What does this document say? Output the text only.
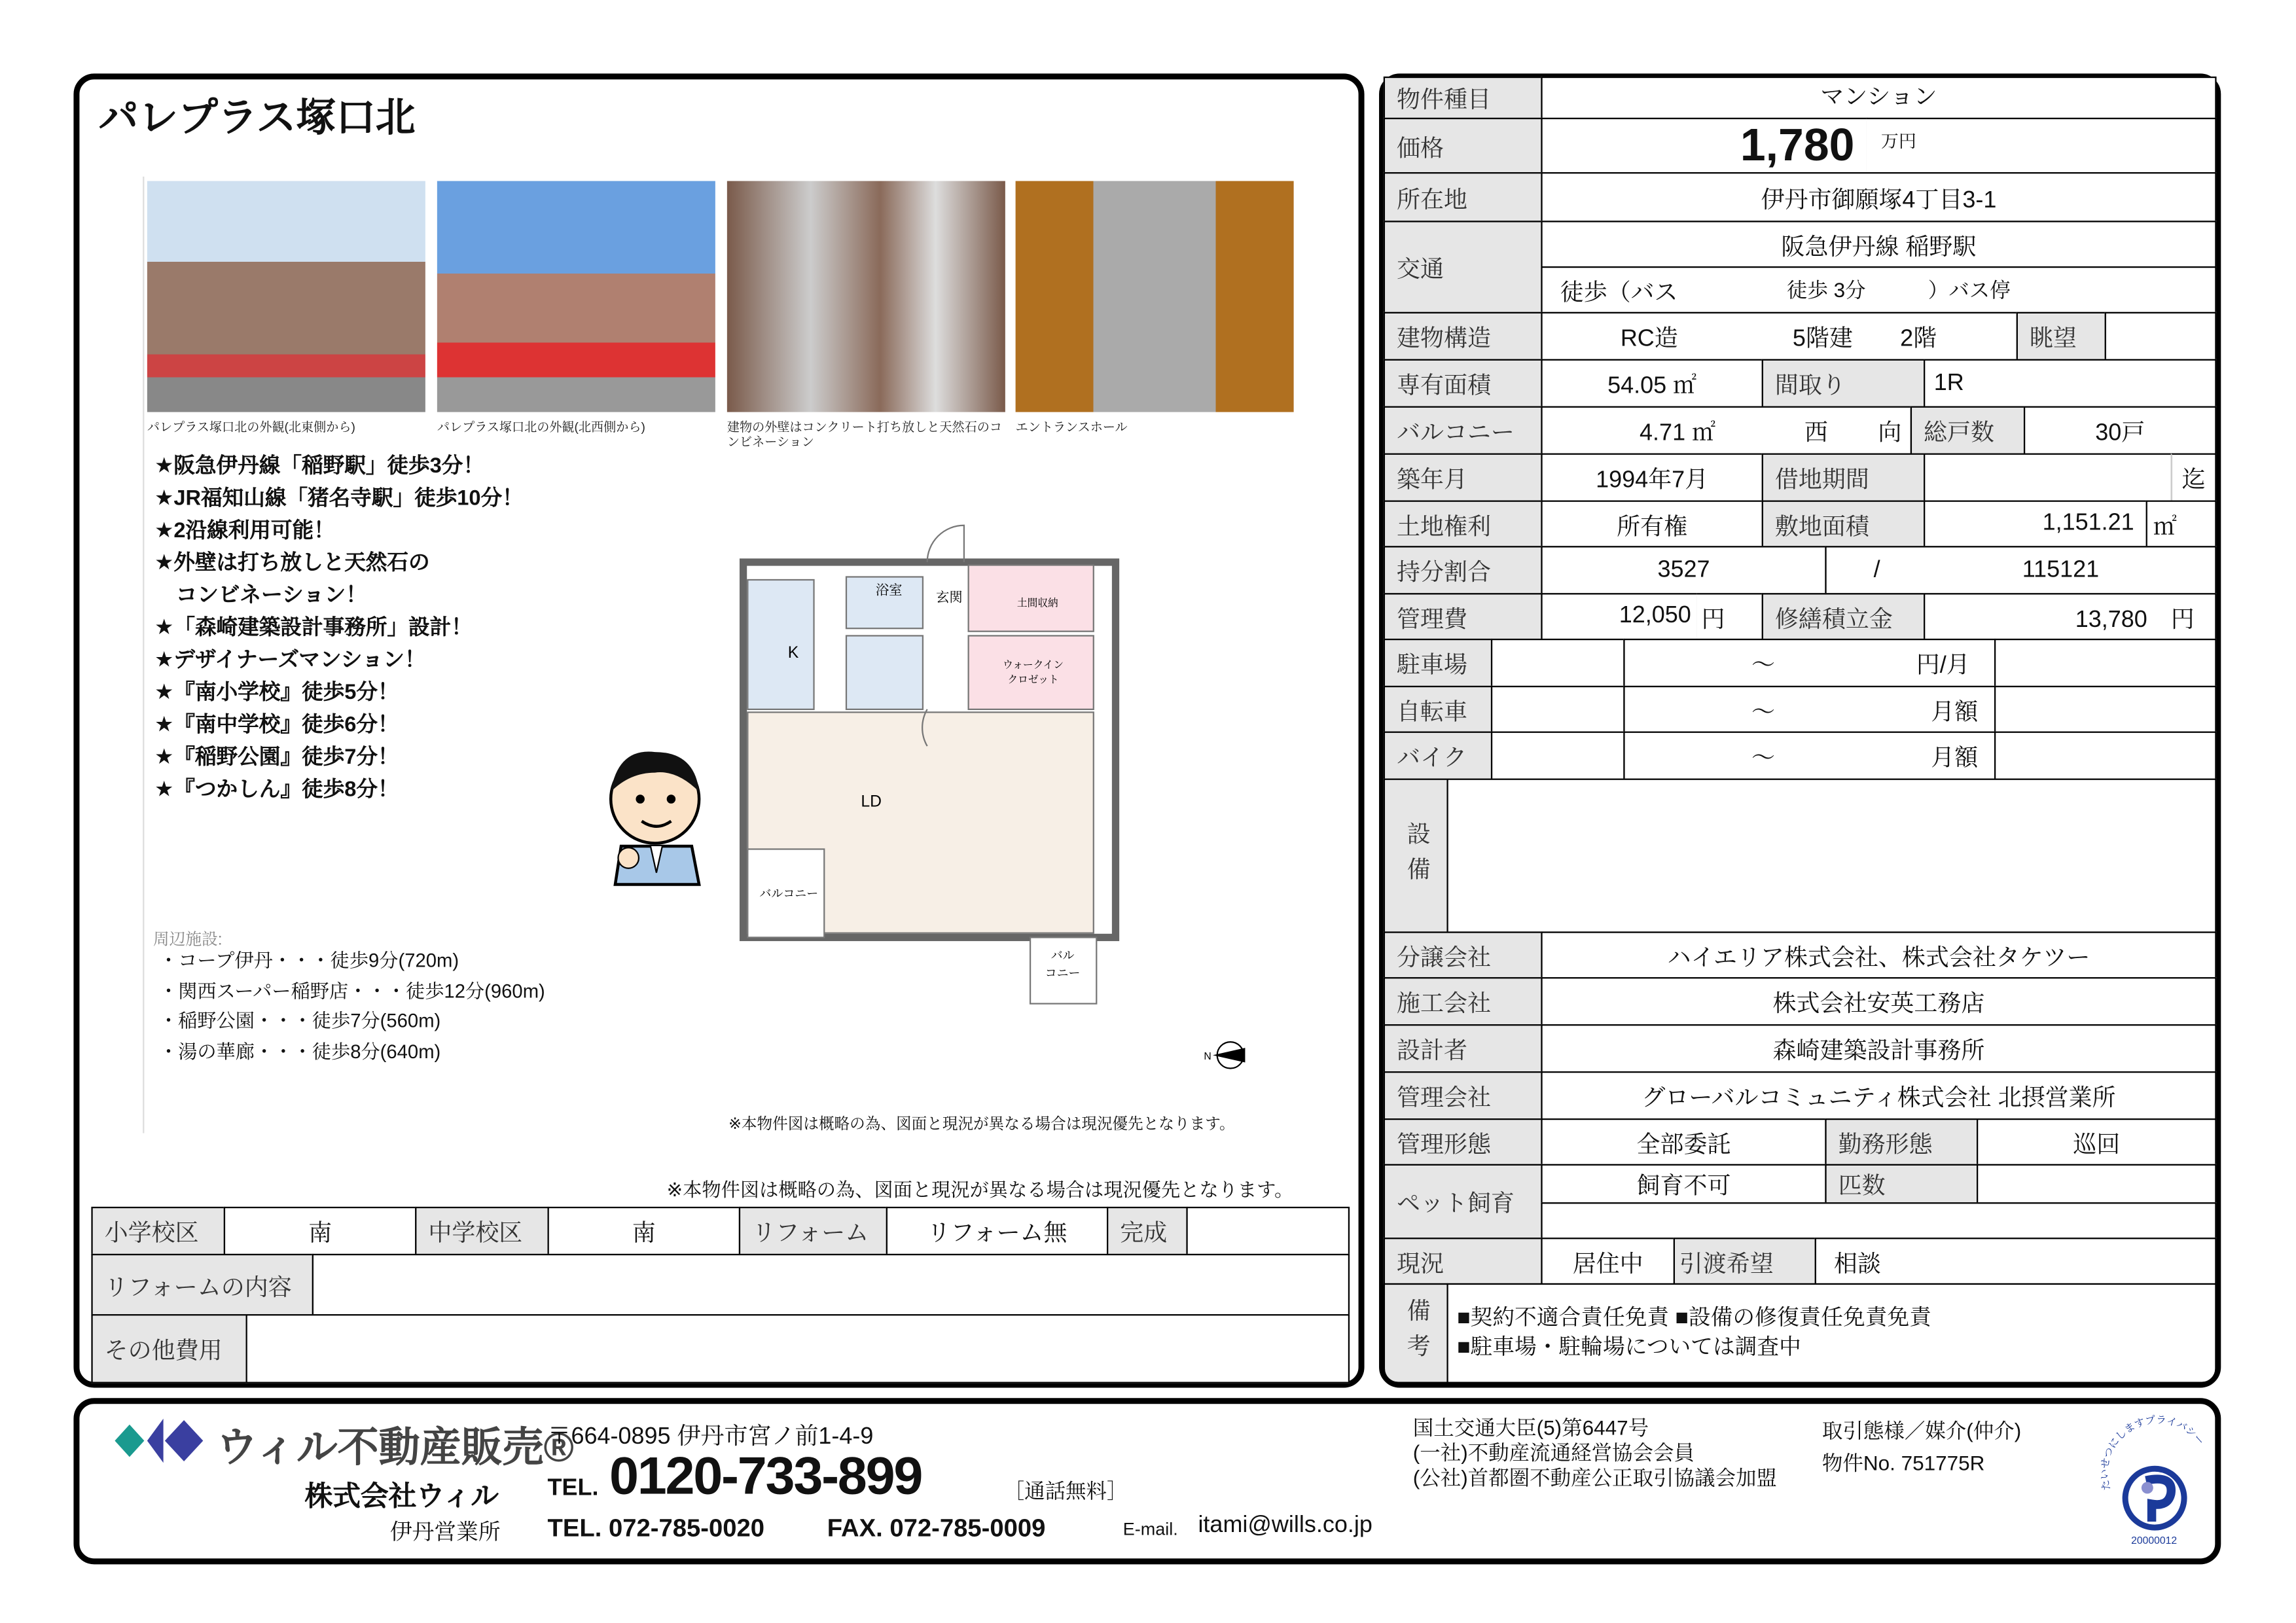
パレプラス塚口北
パレプラス塚口北の外観(北東側から)	パレプラス塚口北の外観(北西側から)	建物の外壁はコンクリート打ち放しと天然石のコンビネーション
エントランスホール
★阪急伊丹線「稲野駅」徒歩3分！
★JR福知山線「猪名寺駅」徒歩10分！
★2沿線利用可能！
★外壁は打ち放しと天然石の
　コンビネーション！
★「森崎建築設計事務所」設計！
★デザイナーズマンション！
★『南小学校』徒歩5分！
★『南中学校』徒歩6分！
★『稲野公園』徒歩7分！
★『つかしん』徒歩8分！
浴室
玄関	土間収納
K
ウォークイン
クロゼット
LD
バルコニー
バル
コニー
周辺施設:
・コープ伊丹・・・徒歩9分(720m)
・関西スーパー稲野店・・・徒歩12分(960m)
・稲野公園・・・徒歩7分(560m)
・湯の華廊・・・徒歩8分(640m)	N
※本物件図は概略の為、図面と現況が異なる場合は現況優先となります。
※本物件図は概略の為、図面と現況が異なる場合は現況優先となります。
小学校区	南	中学校区	南	リフォーム	リフォーム無	完成
リフォームの内容
その他費用
物件種目	マンション
価格	1,780	万円
所在地	伊丹市御願塚4丁目3-1
交通
阪急伊丹線 稲野駅
徒歩（バス	徒歩 3分	）バス停
建物構造	RC造	5階建	2階	眺望
専有面積	54.05 ㎡	間取り	1R
バルコニー	4.71 ㎡	西	向	総戸数	30戸
築年月	1994年7月	借地期間	迄
土地権利	所有権	敷地面積	1,151.21	㎡
持分割合	3527	/	115121
管理費	12,050 円	修繕積立金	13,780　円
駐車場	～	円/月
自転車	～	月額
バイク	～	月額
設備
分譲会社	ハイエリア株式会社、株式会社タケツー
施工会社	株式会社安英工務店
設計者	森崎建築設計事務所
管理会社	グローバルコミュニティ株式会社 北摂営業所
管理形態	全部委託	勤務形態	巡回
ペット飼育
飼育不可	匹数
現況	居住中	引渡希望	相談
備考	■契約不適合責任免責 ■設備の修復責任免責免責
■駐車場・駐輪場については調査中
ウィル不動産販売®
株式会社ウィル
伊丹営業所
〒664-0895 伊丹市宮ノ前1-4-9
TEL. 0120-733-899	［通話無料］
TEL. 072-785-0020	FAX. 072-785-0009	E-mail. itami@wills.co.jp
国土交通大臣(5)第6447号
(一社)不動産流通経営協会会員
(公社)首都圏不動産公正取引協議会加盟
取引態様／媒介(仲介)
物件No. 751775R
たいせつにしますプライバシー
20000012
